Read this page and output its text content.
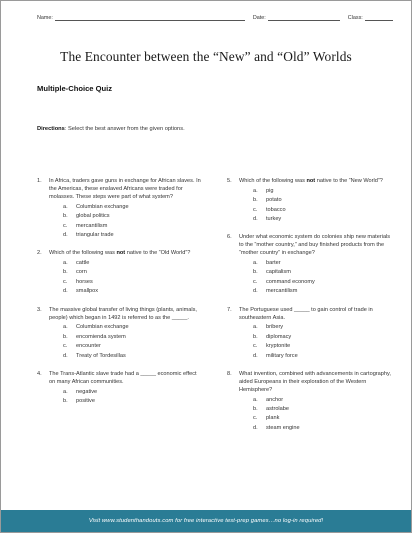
Name:	Date:	Class:
The Encounter between the “New” and “Old” Worlds
Multiple-Choice Quiz
Directions: Select the best answer from the given options.
1.	In Africa, traders gave guns in exchange for African slaves. In the Americas, these enslaved Africans were traded for molasses. These steps were part of what system?
a.	Columbian exchange
b.	global politics
c.	mercantilism
d.	triangular trade
2.	Which of the following was not native to the “Old World”?
a.	cattle
b.	corn
c.	horses
d.	smallpox
3.	The massive global transfer of living things (plants, animals, people) which began in 1492 is referred to as the _____.
a.	Columbian exchange
b.	encomienda system
c.	encounter
d.	Treaty of Tordesillas
4.	The Trans-Atlantic slave trade had a _____ economic effect on many African communities.
a.	negative
b.	positive
5.	Which of the following was not native to the “New World”?
a.	pig
b.	potato
c.	tobacco
d.	turkey
6.	Under what economic system do colonies ship new materials to the “mother country,” and buy finished products from the “mother country” in exchange?
a.	barter
b.	capitalism
c.	command economy
d.	mercantilism
7.	The Portuguese used _____ to gain control of trade in southeastern Asia.
a.	bribery
b.	diplomacy
c.	kryptonite
d.	military force
8.	What invention, combined with advancements in cartography, aided Europeans in their exploration of the Western Hemisphere?
a.	anchor
b.	astrolabe
c.	plank
d.	steam engine
Visit www.studenthandouts.com for free interactive test-prep games…no log-in required!
